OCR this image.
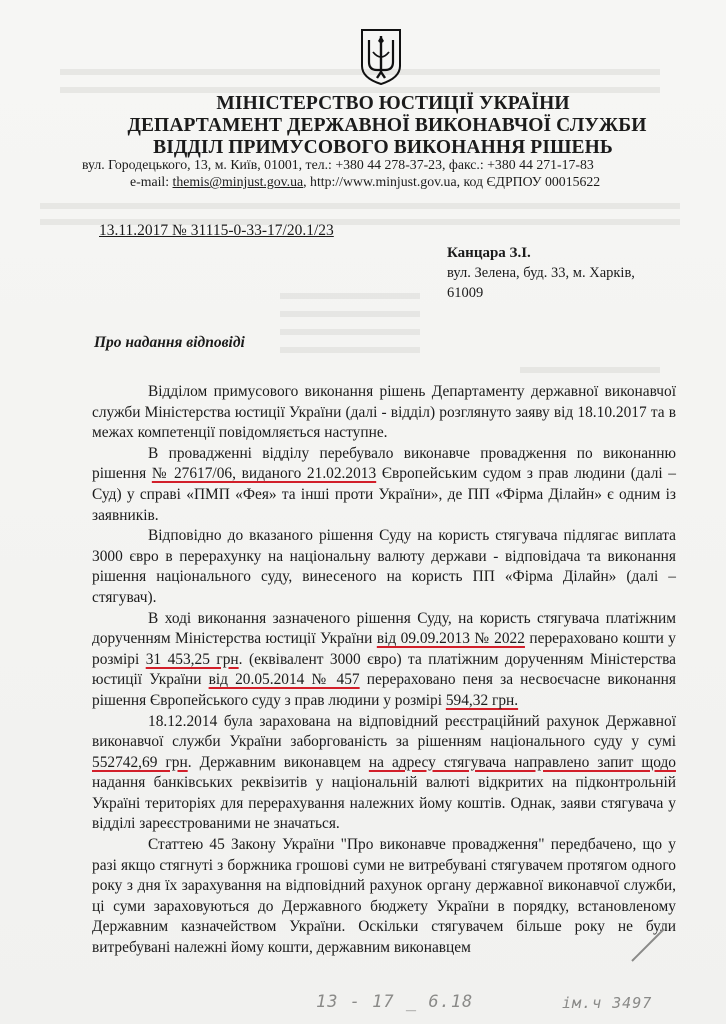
МІНІСТЕРСТВО ЮСТИЦІЇ УКРАЇНИ
ДЕПАРТАМЕНТ ДЕРЖАВНОЇ ВИКОНАВЧОЇ СЛУЖБИ
ВІДДІЛ ПРИМУСОВОГО ВИКОНАННЯ РІШЕНЬ
вул. Городецького, 13, м. Київ, 01001, тел.: +380 44 278-37-23, факс.: +380 44 271-17-83
e-mail: themis@minjust.gov.ua, http://www.minjust.gov.ua, код ЄДРПОУ 00015622
13.11.2017 № 31115-0-33-17/20.1/23
Канцара З.І.
вул. Зелена, буд. 33, м. Харків,
61009
Про надання відповіді

Відділом примусового виконання рішень Департаменту державної виконавчої служби Міністерства юстиції України (далі - відділ) розглянуто заяву від 18.10.2017 та в межах компетенції повідомляється наступне.

В провадженні відділу перебувало виконавче провадження по виконанню рішення № 27617/06, виданого 21.02.2013 Європейським судом з прав людини (далі – Суд) у справі «ПМП «Фея» та інші проти України», де ПП «Фірма Ділайн» є одним із заявників.

Відповідно до вказаного рішення Суду на користь стягувача підлягає виплата 3000 євро в перерахунку на національну валюту держави - відповідача та виконання рішення національного суду, винесеного на користь ПП «Фірма Ділайн» (далі – стягувач).

В ході виконання зазначеного рішення Суду, на користь стягувача платіжним дорученням Міністерства юстиції України від 09.09.2013 № 2022 перераховано кошти у розмірі 31 453,25 грн. (еквівалент 3000 євро) та платіжним дорученням Міністерства юстиції України від 20.05.2014 № 457 перераховано пеня за несвоєчасне виконання рішення Європейського суду з прав людини у розмірі 594,32 грн.

18.12.2014 була зарахована на відповідний реєстраційний рахунок Державної виконавчої служби України заборгованість за рішенням національного суду у сумі 552742,69 грн. Державним виконавцем на адресу стягувача направлено запит щодо надання банківських реквізитів у національній валюті відкритих на підконтрольній Україні територіях для перерахування належних йому коштів. Однак, заяви стягувача у відділі зареєстрованими не значаться.

Статтею 45 Закону України "Про виконавче провадження" передбачено, що у разі якщо стягнуті з боржника грошові суми не витребувані стягувачем протягом одного року з дня їх зарахування на відповідний рахунок органу державної виконавчої служби, ці суми зараховуються до Державного бюджету України в порядку, встановленому Державним казначейством України. Оскільки стягувачем більше року не були витребувані належні йому кошти, державним виконавцем

13 - 17 _ 6.18	ім.ч 3497
